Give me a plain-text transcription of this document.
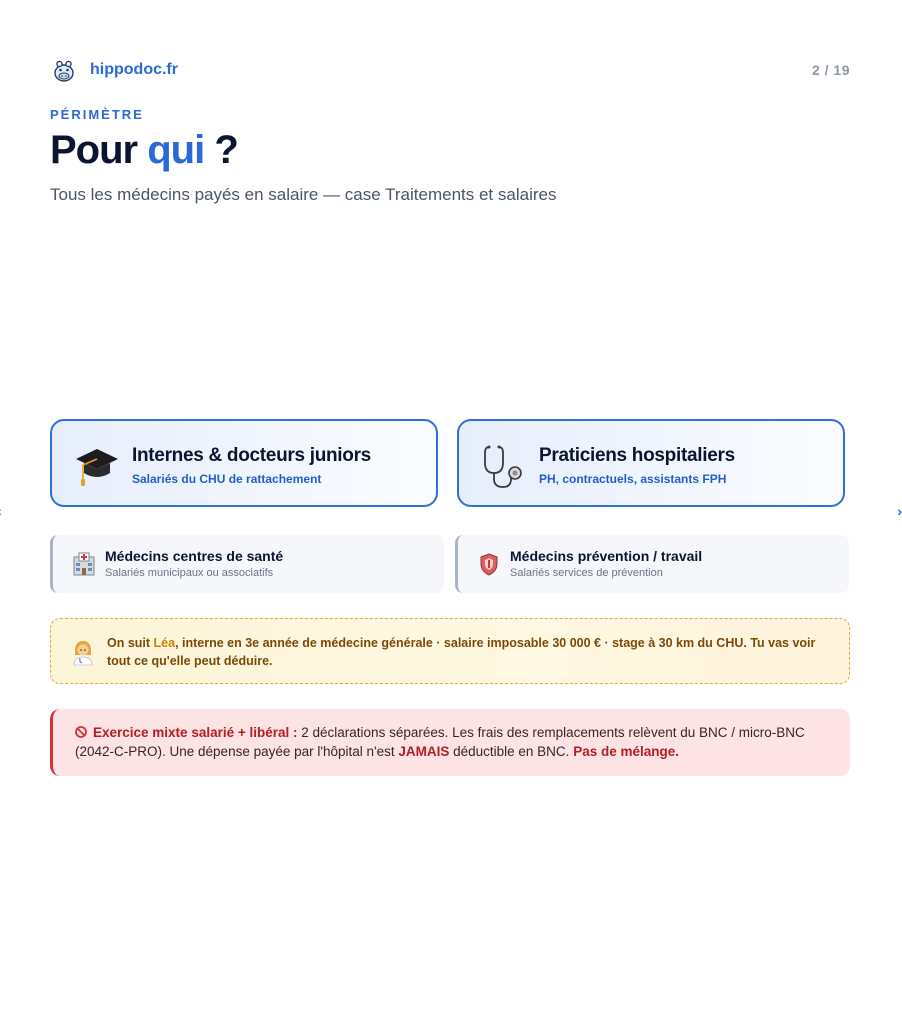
hippodoc.fr	2 / 19
PÉRIMÈTRE
Pour qui ?

Tous les médecins payés en salaire — case Traitements et salaires

Internes & docteurs juniors
Salariés du CHU de rattachement
Praticiens hospitaliers
PH, contractuels, assistants FPH
Médecins centres de santé
Salariés municipaux ou associatifs
Médecins prévention / travail
Salariés services de prévention
On suit Léa, interne en 3e année de médecine générale · salaire imposable 30 000 € · stage à 30 km du CHU. Tu vas voir tout ce qu'elle peut déduire.
Exercice mixte salarié + libéral : 2 déclarations séparées. Les frais des remplacements relèvent du BNC / micro-BNC (2042-C-PRO). Une dépense payée par l'hôpital n'est JAMAIS déductible en BNC. Pas de mélange.
›
